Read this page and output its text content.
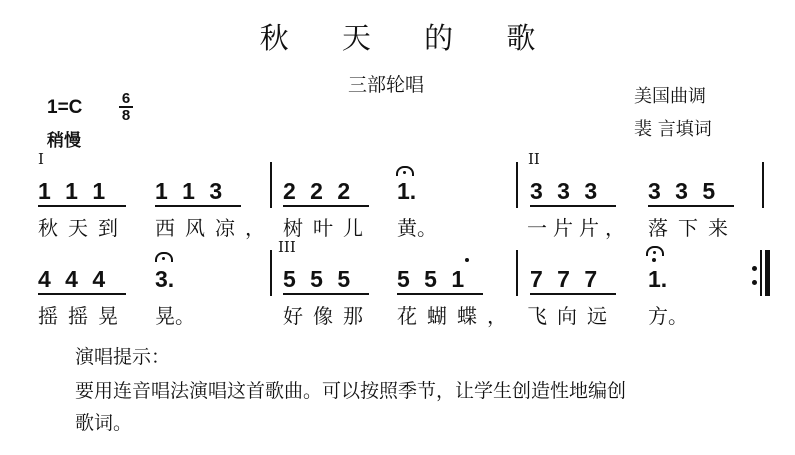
秋 天 的 歌
三部轮唱
美国曲调
裴 言填词
1=C	6
8
稍慢
I	II
III
1 1 1 1 1 3	2 2 2 1.	3 3 3 3 3 5
秋天到 西风凉， 树叶儿 黄。	一片片， 落下来
4 4 4 3.	5 5 5 5 5 1	7 7 7 1.
摇摇晃 晃。	好像那 花蝴蝶， 飞向远 方。
演唱提示：
要用连音唱法演唱这首歌曲。可以按照季节，让学生创造性地编创
歌词。
